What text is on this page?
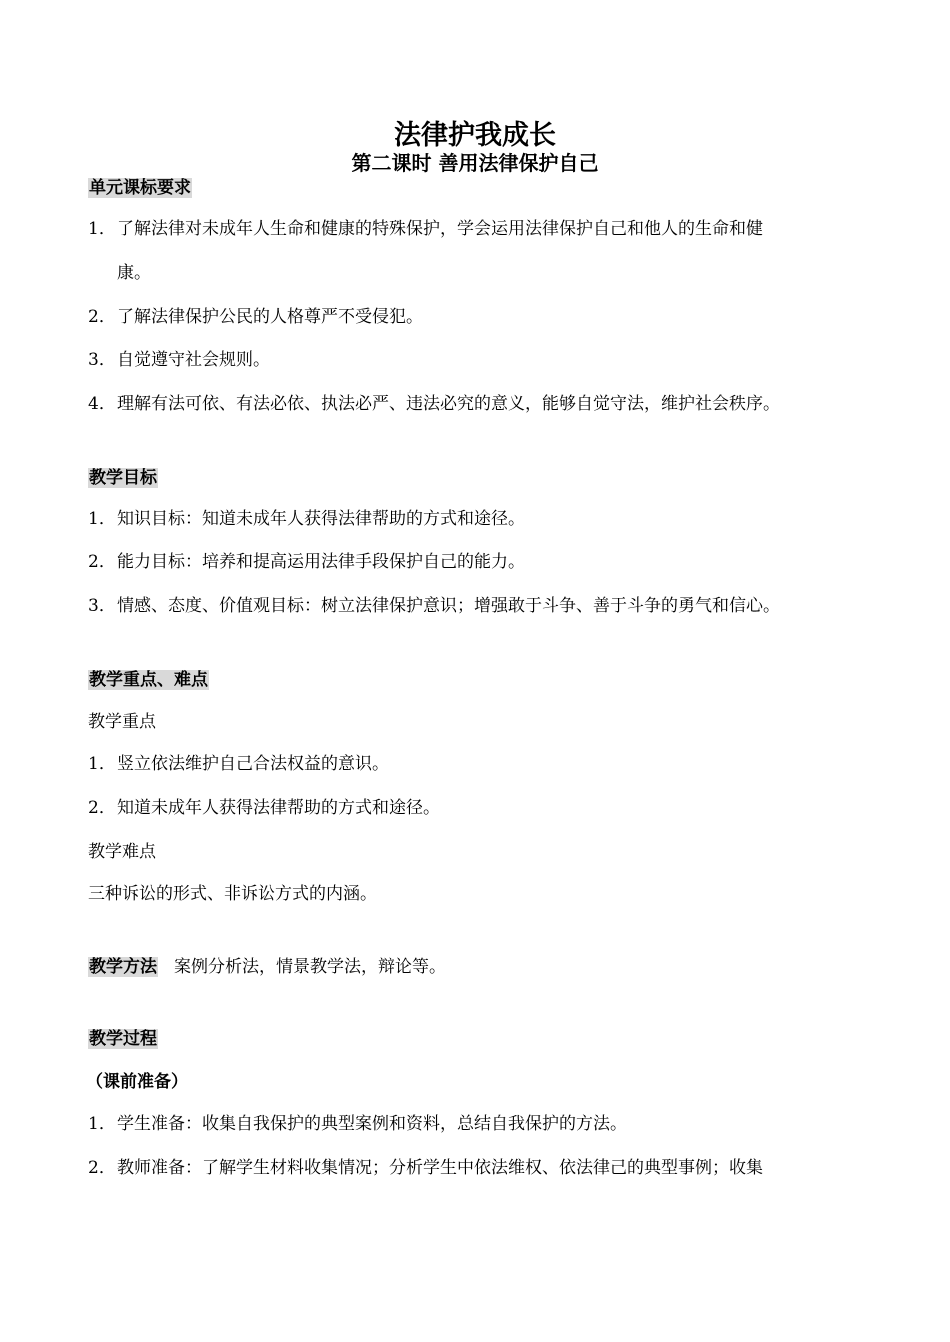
法律护我成长
第二课时 善用法律保护自己
单元课标要求
1．了解法律对未成年人生命和健康的特殊保护，学会运用法律保护自己和他人的生命和健
康。
2．了解法律保护公民的人格尊严不受侵犯。
3．自觉遵守社会规则。
4．理解有法可依、有法必依、执法必严、违法必究的意义，能够自觉守法，维护社会秩序。
教学目标
1．知识目标：知道未成年人获得法律帮助的方式和途径。
2．能力目标：培养和提高运用法律手段保护自己的能力。
3．情感、态度、价值观目标：树立法律保护意识；增强敢于斗争、善于斗争的勇气和信心。
教学重点、难点
教学重点
1．竖立依法维护自己合法权益的意识。
2．知道未成年人获得法律帮助的方式和途径。
教学难点
三种诉讼的形式、非诉讼方式的内涵。
教学方法 案例分析法，情景教学法，辩论等。
教学过程
（课前准备）
1．学生准备：收集自我保护的典型案例和资料，总结自我保护的方法。
2．教师准备：了解学生材料收集情况；分析学生中依法维权、依法律己的典型事例；收集
